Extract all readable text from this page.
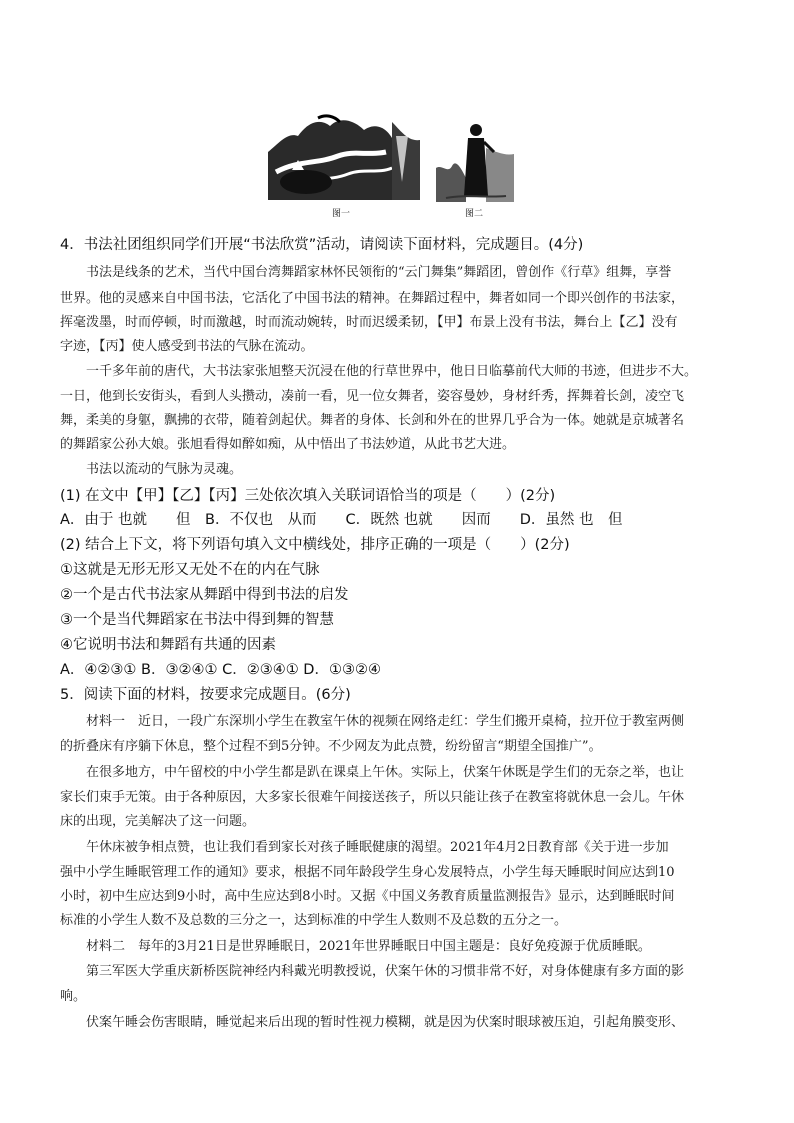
图一	图二
4．书法社团组织同学们开展“书法欣赏”活动，请阅读下面材料，完成题目。(4分)
书法是线条的艺术，当代中国台湾舞蹈家林怀民领衔的“云门舞集”舞蹈团，曾创作《行草》组舞，享誉
世界。他的灵感来自中国书法，它活化了中国书法的精神。在舞蹈过程中，舞者如同一个即兴创作的书法家，
挥毫泼墨，时而停顿，时而激越，时而流动婉转，时而迟缓柔韧，【甲】布景上没有书法，舞台上【乙】没有
字迹，【丙】使人感受到书法的气脉在流动。
一千多年前的唐代，大书法家张旭整天沉浸在他的行草世界中，他日日临摹前代大师的书迹，但进步不大。
一日，他到长安街头，看到人头攒动，凑前一看，见一位女舞者，姿容曼妙，身材纤秀，挥舞着长剑，凌空飞
舞，柔美的身躯，飘拂的衣带，随着剑起伏。舞者的身体、长剑和外在的世界几乎合为一体。她就是京城著名
的舞蹈家公孙大娘。张旭看得如醉如痴，从中悟出了书法妙道，从此书艺大进。
书法以流动的气脉为灵魂。
(1) 在文中【甲】【乙】【丙】三处依次填入关联词语恰当的项是（　　）(2分)
A．由于 也就　　但　B．不仅也　从而　　C．既然 也就　　因而　　D．虽然 也　但
(2) 结合上下文，将下列语句填入文中横线处，排序正确的一项是（　　）(2分)
①这就是无形无形又无处不在的内在气脉
②一个是古代书法家从舞蹈中得到书法的启发
③一个是当代舞蹈家在书法中得到舞的智慧
④它说明书法和舞蹈有共通的因素
A．④②③① B．③②④① C．②③④① D．①③②④
5．阅读下面的材料，按要求完成题目。(6分)
材料一　近日，一段广东深圳小学生在教室午休的视频在网络走红：学生们搬开桌椅，拉开位于教室两侧
的折叠床有序躺下休息，整个过程不到5分钟。不少网友为此点赞，纷纷留言“期望全国推广”。
在很多地方，中午留校的中小学生都是趴在课桌上午休。实际上，伏案午休既是学生们的无奈之举，也让
家长们束手无策。由于各种原因，大多家长很难午间接送孩子，所以只能让孩子在教室将就休息一会儿。午休
床的出现，完美解决了这一问题。
午休床被争相点赞，也让我们看到家长对孩子睡眠健康的渴望。2021年4月2日教育部《关于进一步加
强中小学生睡眠管理工作的通知》要求，根据不同年龄段学生身心发展特点，小学生每天睡眠时间应达到10
小时，初中生应达到9小时，高中生应达到8小时。又据《中国义务教育质量监测报告》显示，达到睡眠时间
标准的小学生人数不及总数的三分之一，达到标准的中学生人数则不及总数的五分之一。
材料二　每年的3月21日是世界睡眠日，2021年世界睡眠日中国主题是：良好免疫源于优质睡眠。
第三军医大学重庆新桥医院神经内科戴光明教授说，伏案午休的习惯非常不好，对身体健康有多方面的影
响。
伏案午睡会伤害眼睛，睡觉起来后出现的暂时性视力模糊，就是因为伏案时眼球被压迫，引起角膜变形、
